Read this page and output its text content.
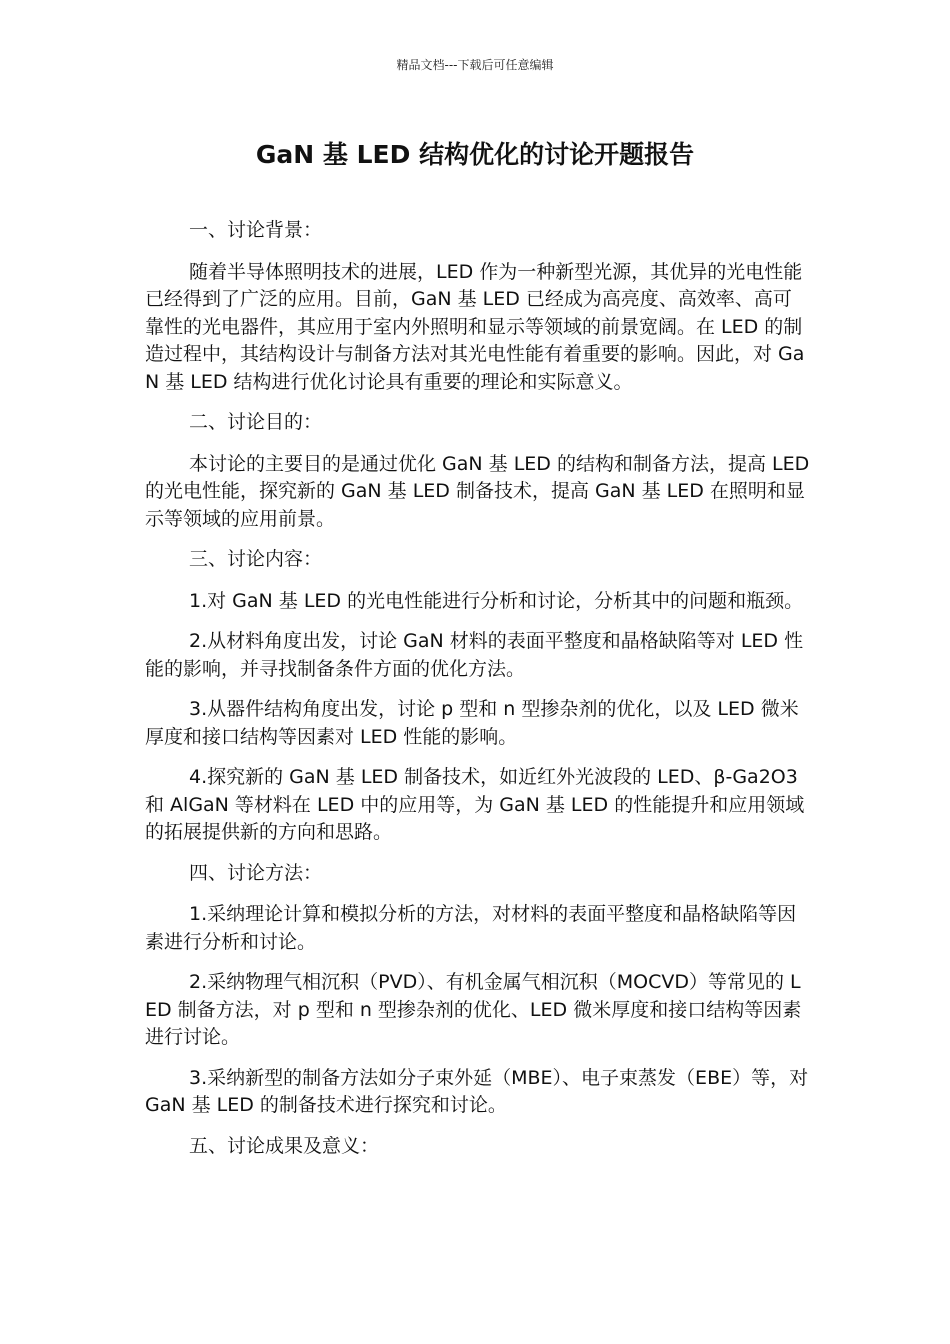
精品文档---下载后可任意编辑
GaN 基 LED 结构优化的讨论开题报告

一、讨论背景：

随着半导体照明技术的进展，LED 作为一种新型光源，其优异的光电性能已经得到了广泛的应用。目前，GaN 基 LED 已经成为高亮度、高效率、高可靠性的光电器件，其应用于室内外照明和显示等领域的前景宽阔。在 LED 的制造过程中，其结构设计与制备方法对其光电性能有着重要的影响。因此，对 GaN 基 LED 结构进行优化讨论具有重要的理论和实际意义。

二、讨论目的：

本讨论的主要目的是通过优化 GaN 基 LED 的结构和制备方法，提高 LED 的光电性能，探究新的 GaN 基 LED 制备技术，提高 GaN 基 LED 在照明和显示等领域的应用前景。

三、讨论内容：

1.对 GaN 基 LED 的光电性能进行分析和讨论，分析其中的问题和瓶颈。

2.从材料角度出发，讨论 GaN 材料的表面平整度和晶格缺陷等对 LED 性能的影响，并寻找制备条件方面的优化方法。

3.从器件结构角度出发，讨论 p 型和 n 型掺杂剂的优化，以及 LED 微米厚度和接口结构等因素对 LED 性能的影响。

4.探究新的 GaN 基 LED 制备技术，如近红外光波段的 LED、β-Ga2O3 和 AlGaN 等材料在 LED 中的应用等，为 GaN 基 LED 的性能提升和应用领域的拓展提供新的方向和思路。

四、讨论方法：

1.采纳理论计算和模拟分析的方法，对材料的表面平整度和晶格缺陷等因素进行分析和讨论。

2.采纳物理气相沉积（PVD）、有机金属气相沉积（MOCVD）等常见的 LED 制备方法，对 p 型和 n 型掺杂剂的优化、LED 微米厚度和接口结构等因素进行讨论。

3.采纳新型的制备方法如分子束外延（MBE）、电子束蒸发（EBE）等，对 GaN 基 LED 的制备技术进行探究和讨论。

五、讨论成果及意义：
